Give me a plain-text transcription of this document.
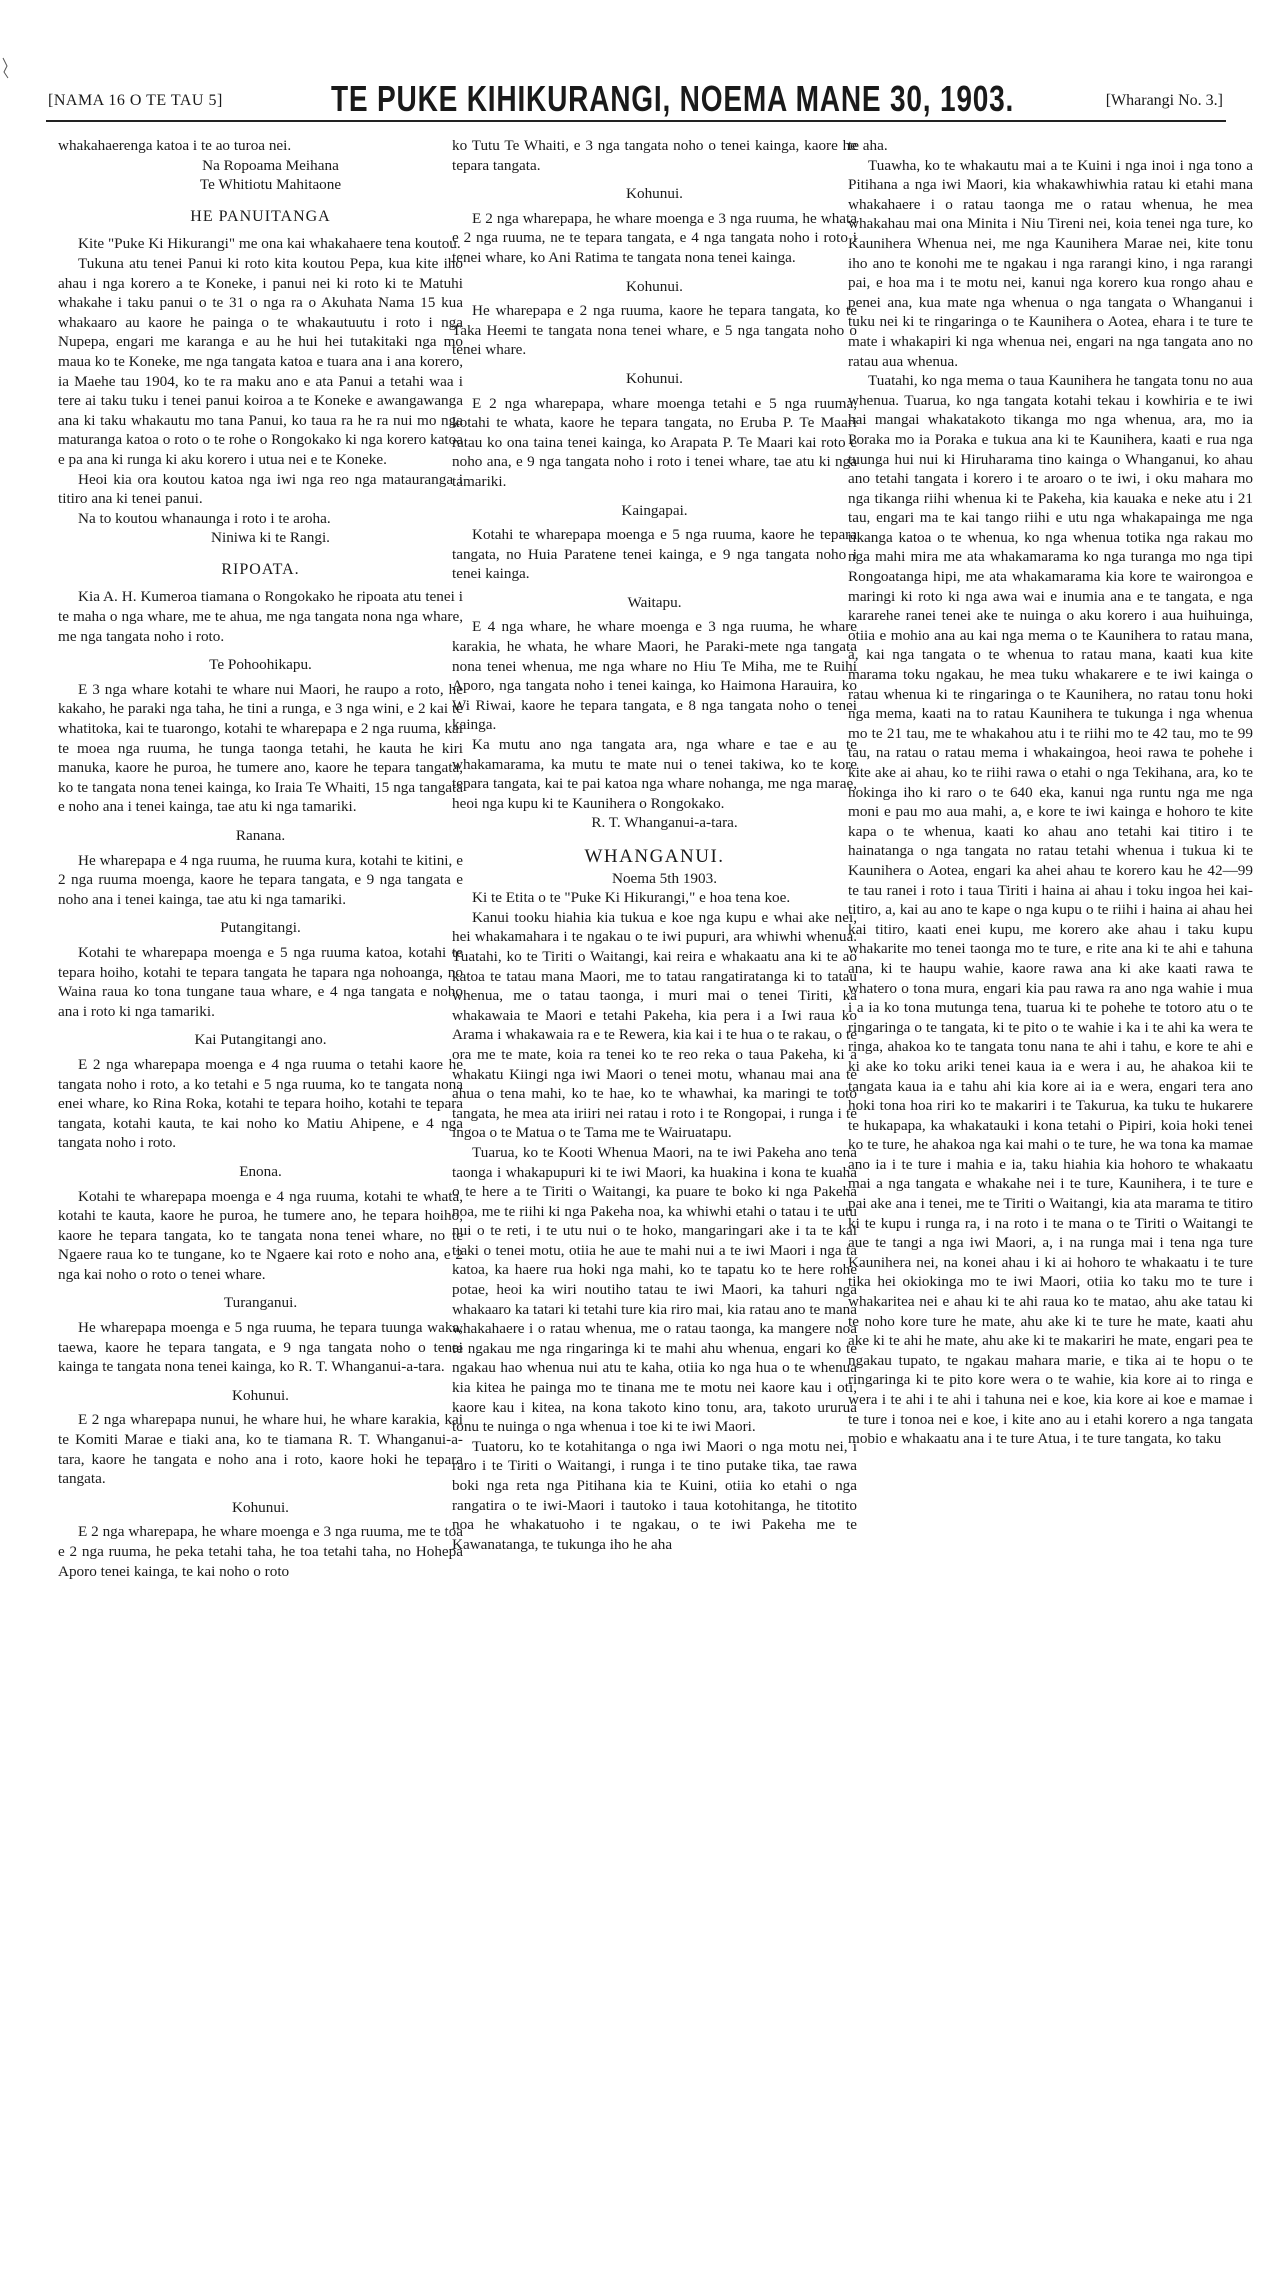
[NAMA 16 O TE TAU 5]	TE PUKE KIHIKURANGI, NOEMA MANE 30, 1903.	[Wharangi No. 3.]

whakahaerenga katoa i te ao turoa nei.

Na Ropoama Meihana

Te Whitiotu Mahitaone

HE PANUITANGA

Kite "Puke Ki Hikurangi" me ona kai whakahaere tena koutou.

Tukuna atu tenei Panui ki roto kita koutou Pepa, kua kite iho ahau i nga korero a te Koneke, i panui nei ki roto ki te Matuhi whakahe i taku panui o te 31 o nga ra o Akuhata Nama 15 kua whakaaro au kaore he painga o te whakautuutu i roto i nga Nupepa, engari me karanga e au he hui hei tutakitaki nga mo maua ko te Koneke, me nga tangata katoa e tuara ana i ana korero, ia Maehe tau 1904, ko te ra maku ano e ata Panui a tetahi waa i tere ai taku tuku i tenei panui koiroa a te Koneke e awangawanga ana ki taku whakautu mo tana Panui, ko taua ra he ra nui mo nga maturanga katoa o roto o te rohe o Rongokako ki nga korero katoa e pa ana ki runga ki aku korero i utua nei e te Koneke.

Heoi kia ora koutou katoa nga iwi nga reo nga matauranga i titiro ana ki tenei panui.

Na to koutou whanaunga i roto i te aroha.

Niniwa ki te Rangi.

RIPOATA.

Kia A. H. Kumeroa tiamana o Rongokako he ripoata atu tenei i te maha o nga whare, me te ahua, me nga tangata nona nga whare, me nga tangata noho i roto.

Te Pohoohikapu.

E 3 nga whare kotahi te whare nui Maori, he raupo a roto, he kakaho, he paraki nga taha, he tini a runga, e 3 nga wini, e 2 kai te whatitoka, kai te tuarongo, kotahi te wharepapa e 2 nga ruuma, kai te moea nga ruuma, he tunga taonga tetahi, he kauta he kiri manuka, kaore he puroa, he tumere ano, kaore he tepara tangata, ko te tangata nona tenei kainga, ko Iraia Te Whaiti, 15 nga tangata e noho ana i tenei kainga, tae atu ki nga tamariki.

Ranana.

He wharepapa e 4 nga ruuma, he ruuma kura, kotahi te kitini, e 2 nga ruuma moenga, kaore he tepara tangata, e 9 nga tangata e noho ana i tenei kainga, tae atu ki nga tamariki.

Putangitangi.

Kotahi te wharepapa moenga e 5 nga ruuma katoa, kotahi te tepara hoiho, kotahi te tepara tangata he tapara nga nohoanga, no Waina raua ko tona tungane taua whare, e 4 nga tangata e noho ana i roto ki nga tamariki.

Kai Putangitangi ano.

E 2 nga wharepapa moenga e 4 nga ruuma o tetahi kaore he tangata noho i roto, a ko tetahi e 5 nga ruuma, ko te tangata nona enei whare, ko Rina Roka, kotahi te tepara hoiho, kotahi te tepara tangata, kotahi kauta, te kai noho ko Matiu Ahipene, e 4 nga tangata noho i roto.

Enona.

Kotahi te wharepapa moenga e 4 nga ruuma, kotahi te whata, kotahi te kauta, kaore he puroa, he tumere ano, he tepara hoiho, kaore he tepara tangata, ko te tangata nona tenei whare, no te Ngaere raua ko te tungane, ko te Ngaere kai roto e noho ana, e 2 nga kai noho o roto o tenei whare.

Turanganui.

He wharepapa moenga e 5 nga ruuma, he tepara tuunga waka, taewa, kaore he tepara tangata, e 9 nga tangata noho o tenei kainga te tangata nona tenei kainga, ko R. T. Whanganui-a-tara.

Kohunui.

E 2 nga wharepapa nunui, he whare hui, he whare karakia, kai te Komiti Marae e tiaki ana, ko te tiamana R. T. Whanganui-a-tara, kaore he tangata e noho ana i roto, kaore hoki he tepara tangata.

Kohunui.

E 2 nga wharepapa, he whare moenga e 3 nga ruuma, me te toa e 2 nga ruuma, he peka tetahi taha, he toa tetahi taha, no Hohepa Aporo tenei kainga, te kai noho o roto

ko Tutu Te Whaiti, e 3 nga tangata noho o tenei kainga, kaore he tepara tangata.

Kohunui.

E 2 nga wharepapa, he whare moenga e 3 nga ruuma, he whata e 2 nga ruuma, ne te tepara tangata, e 4 nga tangata noho i roto i tenei whare, ko Ani Ratima te tangata nona tenei kainga.

Kohunui.

He wharepapa e 2 nga ruuma, kaore he tepara tangata, ko te Taka Heemi te tangata nona tenei whare, e 5 nga tangata noho o tenei whare.

Kohunui.

E 2 nga wharepapa, whare moenga tetahi e 5 nga ruuma, kotahi te whata, kaore he tepara tangata, no Eruba P. Te Maari ratau ko ona taina tenei kainga, ko Arapata P. Te Maari kai roto e noho ana, e 9 nga tangata noho i roto i tenei whare, tae atu ki nga tamariki.

Kaingapai.

Kotahi te wharepapa moenga e 5 nga ruuma, kaore he tepara tangata, no Huia Paratene tenei kainga, e 9 nga tangata noho i tenei kainga.

Waitapu.

E 4 nga whare, he whare moenga e 3 nga ruuma, he whare karakia, he whata, he whare Maori, he Paraki-mete nga tangata nona tenei whenua, me nga whare no Hiu Te Miha, me te Ruihi Aporo, nga tangata noho i tenei kainga, ko Haimona Harauira, ko Wi Riwai, kaore he tepara tangata, e 8 nga tangata noho o tenei kainga.

Ka mutu ano nga tangata ara, nga whare e tae e au te whakamarama, ka mutu te mate nui o tenei takiwa, ko te kore tepara tangata, kai te pai katoa nga whare nohanga, me nga marae, heoi nga kupu ki te Kaunihera o Rongokako.

R. T. Whanganui-a-tara.

WHANGANUI.

Noema 5th 1903.

Ki te Etita o te "Puke Ki Hikurangi," e hoa tena koe.

Kanui tooku hiahia kia tukua e koe nga kupu e whai ake nei, hei whakamahara i te ngakau o te iwi pupuri, ara whiwhi whenua. Tuatahi, ko te Tiriti o Waitangi, kai reira e whakaatu ana ki te ao katoa te tatau mana Maori, me to tatau rangatiratanga ki to tatau whenua, me o tatau taonga, i muri mai o tenei Tiriti, ka whakawaia te Maori e tetahi Pakeha, kia pera i a Iwi raua ko Arama i whakawaia ra e te Rewera, kia kai i te hua o te rakau, o te ora me te mate, koia ra tenei ko te reo reka o taua Pakeha, ki a whakatu Kiingi nga iwi Maori o tenei motu, whanau mai ana te ahua o tena mahi, ko te hae, ko te whawhai, ka maringi te toto tangata, he mea ata iriiri nei ratau i roto i te Rongopai, i runga i te ingoa o te Matua o te Tama me te Wairuatapu.

Tuarua, ko te Kooti Whenua Maori, na te iwi Pakeha ano tena taonga i whakapupuri ki te iwi Maori, ka huakina i kona te kuaha o te here a te Tiriti o Waitangi, ka puare te boko ki nga Pakeha noa, me te riihi ki nga Pakeha noa, ka whiwhi etahi o tatau i te utu nui o te reti, i te utu nui o te hoko, mangaringari ake i ta te kai tiaki o tenei motu, otiia he aue te mahi nui a te iwi Maori i nga ta katoa, ka haere rua hoki nga mahi, ko te tapatu ko te here rohe potae, heoi ka wiri noutiho tatau te iwi Maori, ka tahuri nga whakaaro ka tatari ki tetahi ture kia riro mai, kia ratau ano te mana whakahaere i o ratau whenua, me o ratau taonga, ka mangere noa te ngakau me nga ringaringa ki te mahi ahu whenua, engari ko te ngakau hao whenua nui atu te kaha, otiia ko nga hua o te whenua kia kitea he painga mo te tinana me te motu nei kaore kau i oti, kaore kau i kitea, na kona takoto kino tonu, ara, takoto ururua tonu te nuinga o nga whenua i toe ki te iwi Maori.

Tuatoru, ko te kotahitanga o nga iwi Maori o nga motu nei, i raro i te Tiriti o Waitangi, i runga i te tino putake tika, tae rawa boki nga reta nga Pitihana kia te Kuini, otiia ko etahi o nga rangatira o te iwi-Maori i tautoko i taua kotohitanga, he titotito noa he whakatuoho i te ngakau, o te iwi Pakeha me te Kawanatanga, te tukunga iho he aha

te aha.

Tuawha, ko te whakautu mai a te Kuini i nga inoi i nga tono a Pitihana a nga iwi Maori, kia whakawhiwhia ratau ki etahi mana whakahaere i o ratau taonga me o ratau whenua, he mea whakahau mai ona Minita i Niu Tireni nei, koia tenei nga ture, ko Kaunihera Whenua nei, me nga Kaunihera Marae nei, kite tonu iho ano te konohi me te ngakau i nga rarangi kino, i nga rarangi pai, e hoa ma i te motu nei, kanui nga korero kua rongo ahau e penei ana, kua mate nga whenua o nga tangata o Whanganui i tuku nei ki te ringaringa o te Kaunihera o Aotea, ehara i te ture te mate i whakapiri ki nga whenua nei, engari na nga tangata ano no ratau aua whenua.

Tuatahi, ko nga mema o taua Kaunihera he tangata tonu no aua whenua. Tuarua, ko nga tangata kotahi tekau i kowhiria e te iwi hai mangai whakatakoto tikanga mo nga whenua, ara, mo ia Poraka mo ia Poraka e tukua ana ki te Kaunihera, kaati e rua nga tuunga hui nui ki Hiruharama tino kainga o Whanganui, ko ahau ano tetahi tangata i korero i te aroaro o te iwi, i oku mahara mo nga tikanga riihi whenua ki te Pakeha, kia kauaka e neke atu i 21 tau, engari ma te kai tango riihi e utu nga whakapainga me nga tikanga katoa o te whenua, ko nga whenua totika nga rakau mo nga mahi mira me ata whakamarama ko nga turanga mo nga tipi Rongoatanga hipi, me ata whakamarama kia kore te wairongoa e maringi ki roto ki nga awa wai e inumia ana e te tangata, e nga kararehe ranei tenei ake te nuinga o aku korero i aua huihuinga, otiia e mohio ana au kai nga mema o te Kaunihera to ratau mana, a, kai nga tangata o te whenua to ratau mana, kaati kua kite marama toku ngakau, he mea tuku whakarere e te iwi kainga o ratau whenua ki te ringaringa o te Kaunihera, no ratau tonu hoki nga mema, kaati na to ratau Kaunihera te tukunga i nga whenua mo te 21 tau, me te whakahou atu i te riihi mo te 42 tau, mo te 99 tau, na ratau o ratau mema i whakaingoa, heoi rawa te pohehe i kite ake ai ahau, ko te riihi rawa o etahi o nga Tekihana, ara, ko te hokinga iho ki raro o te 640 eka, kanui nga runtu nga me nga moni e pau mo aua mahi, a, e kore te iwi kainga e hohoro te kite kapa o te whenua, kaati ko ahau ano tetahi kai titiro i te hainatanga o nga tangata no ratau tetahi whenua i tukua ki te Kaunihera o Aotea, engari ka ahei ahau te korero kau he 42—99 te tau ranei i roto i taua Tiriti i haina ai ahau i toku ingoa hei kai-titiro, a, kai au ano te kape o nga kupu o te riihi i haina ai ahau hei kai titiro, kaati enei kupu, me korero ake ahau i taku kupu whakarite mo tenei taonga mo te ture, e rite ana ki te ahi e tahuna ana, ki te haupu wahie, kaore rawa ana ki ake kaati rawa te whatero o tona mura, engari kia pau rawa ra ano nga wahie i mua i a ia ko tona mutunga tena, tuarua ki te pohehe te totoro atu o te ringaringa o te tangata, ki te pito o te wahie i ka i te ahi ka wera te ringa, ahakoa ko te tangata tonu nana te ahi i tahu, e kore te ahi e ki ake ko toku ariki tenei kaua ia e wera i au, he ahakoa kii te tangata kaua ia e tahu ahi kia kore ai ia e wera, engari tera ano hoki tona hoa riri ko te makariri i te Takurua, ka tuku te hukarere te hukapapa, ka whakatauki i kona tetahi o Pipiri, koia hoki tenei ko te ture, he ahakoa nga kai mahi o te ture, he wa tona ka mamae ano ia i te ture i mahia e ia, taku hiahia kia hohoro te whakaatu mai a nga tangata e whakahe nei i te ture, Kaunihera, i te ture e pai ake ana i tenei, me te Tiriti o Waitangi, kia ata marama te titiro ki te kupu i runga ra, i na roto i te mana o te Tiriti o Waitangi te aue te tangi a nga iwi Maori, a, i na runga mai i tena nga ture Kaunihera nei, na konei ahau i ki ai hohoro te whakaatu i te ture tika hei okiokinga mo te iwi Maori, otiia ko taku mo te ture i whakaritea nei e ahau ki te ahi raua ko te matao, ahu ake tatau ki te noho kore ture he mate, ahu ake ki te ture he mate, kaati ahu ake ki te ahi he mate, ahu ake ki te makariri he mate, engari pea te ngakau tupato, te ngakau mahara marie, e tika ai te hopu o te ringaringa ki te pito kore wera o te wahie, kia kore ai to ringa e wera i te ahi i te ahi i tahuna nei e koe, kia kore ai koe e mamae i te ture i tonoa nei e koe, i kite ano au i etahi korero a nga tangata mobio e whakaatu ana i te ture Atua, i te ture tangata, ko taku
